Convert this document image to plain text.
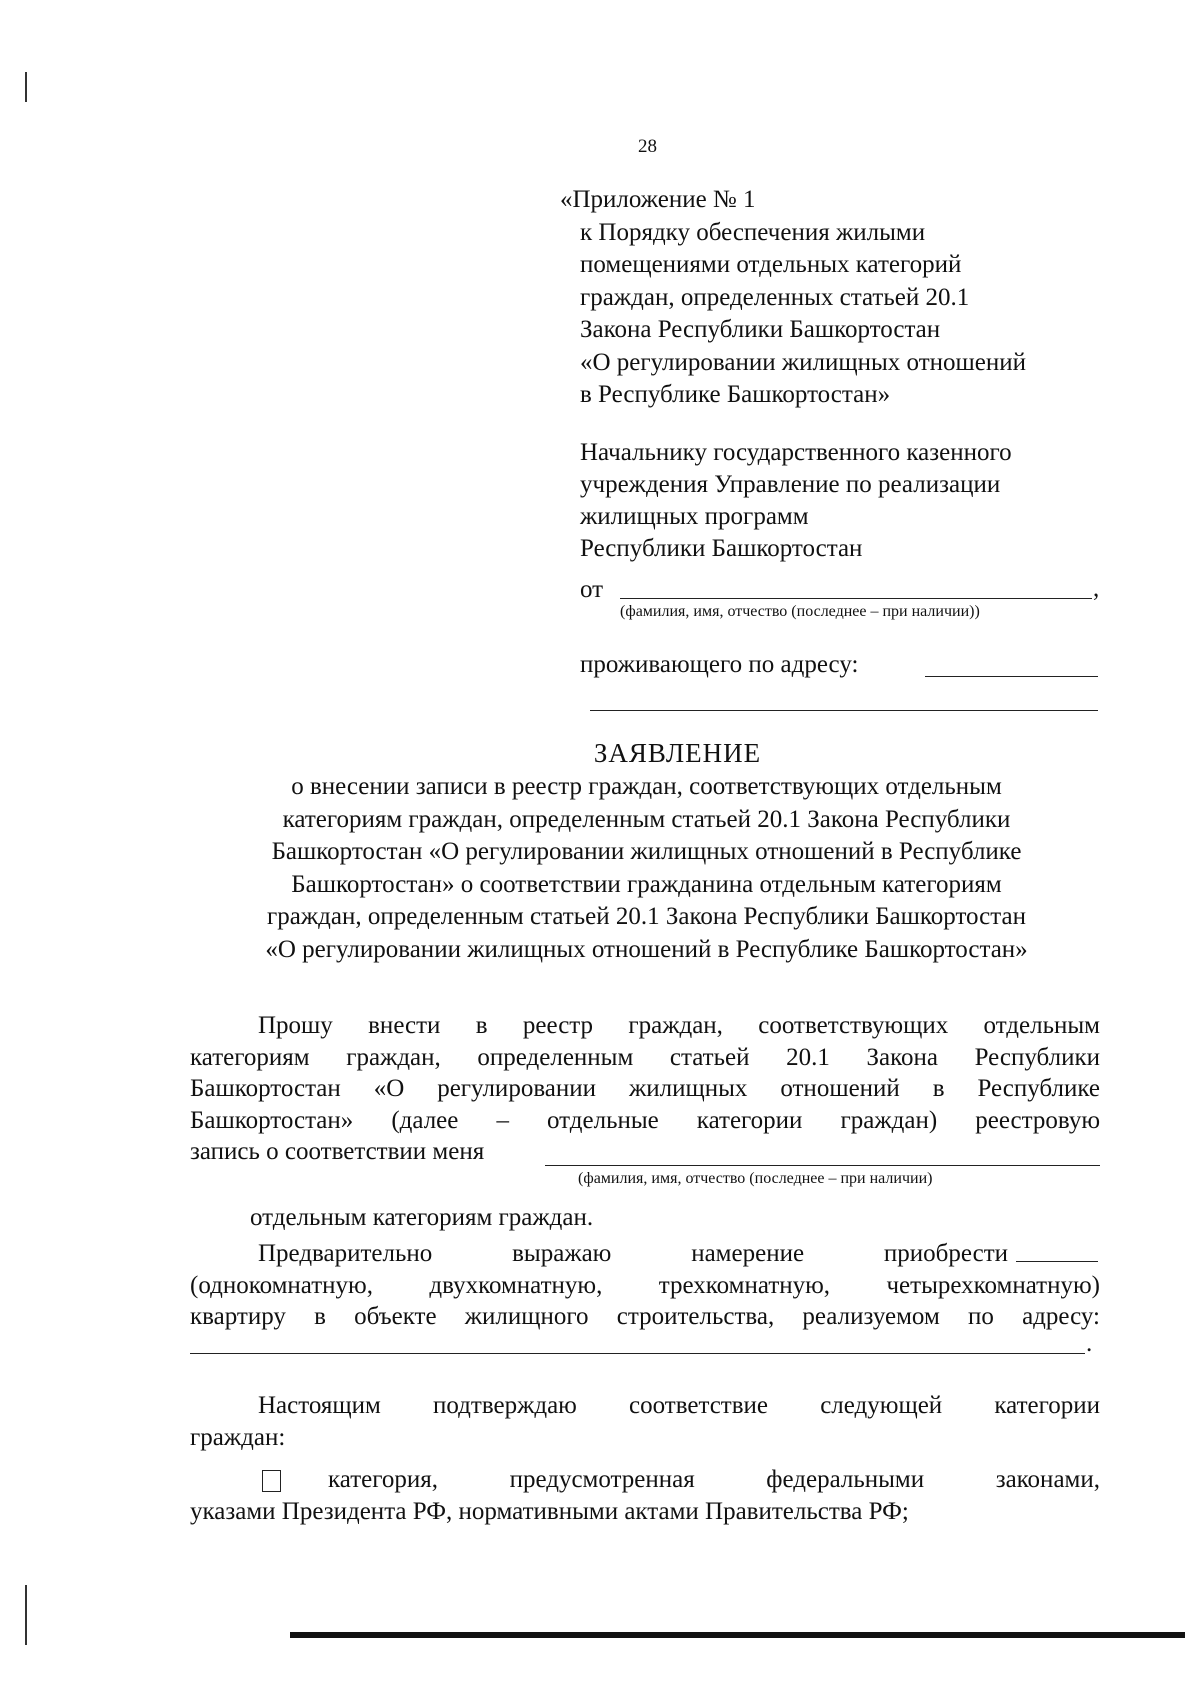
28
«Приложение № 1
к Порядку обеспечения жилыми
помещениями отдельных категорий
граждан, определенных статьей 20.1
Закона Республики Башкортостан
«О регулировании жилищных отношений
в Республике Башкортостан»
Начальнику государственного казенного
учреждения Управление по реализации
жилищных программ
Республики Башкортостан
от	,
(фамилия, имя, отчество (последнее – при наличии))
проживающего по адресу:
ЗАЯВЛЕНИЕ
о внесении записи в реестр граждан, соответствующих отдельным
категориям граждан, определенным статьей 20.1 Закона Республики
Башкортостан «О регулировании жилищных отношений в Республике
Башкортостан» о соответствии гражданина отдельным категориям
граждан, определенным статьей 20.1 Закона Республики Башкортостан
«О регулировании жилищных отношений в Республике Башкортостан»
Прошу внести в реестр граждан, соответствующих отдельным
категориям граждан, определенным статьей 20.1 Закона Республики
Башкортостан «О регулировании жилищных отношений в Республике
Башкортостан» (далее – отдельные категории граждан) реестровую
запись о соответствии меня
(фамилия, имя, отчество (последнее – при наличии)
отдельным категориям граждан.
Предварительно выражаю намерение приобрести
(однокомнатную, двухкомнатную, трехкомнатную, четырехкомнатную)
квартиру в объекте жилищного строительства, реализуемом по адресу:
.
Настоящим подтверждаю соответствие следующей категории
граждан:
категория, предусмотренная федеральными законами,
указами Президента РФ, нормативными актами Правительства РФ;
